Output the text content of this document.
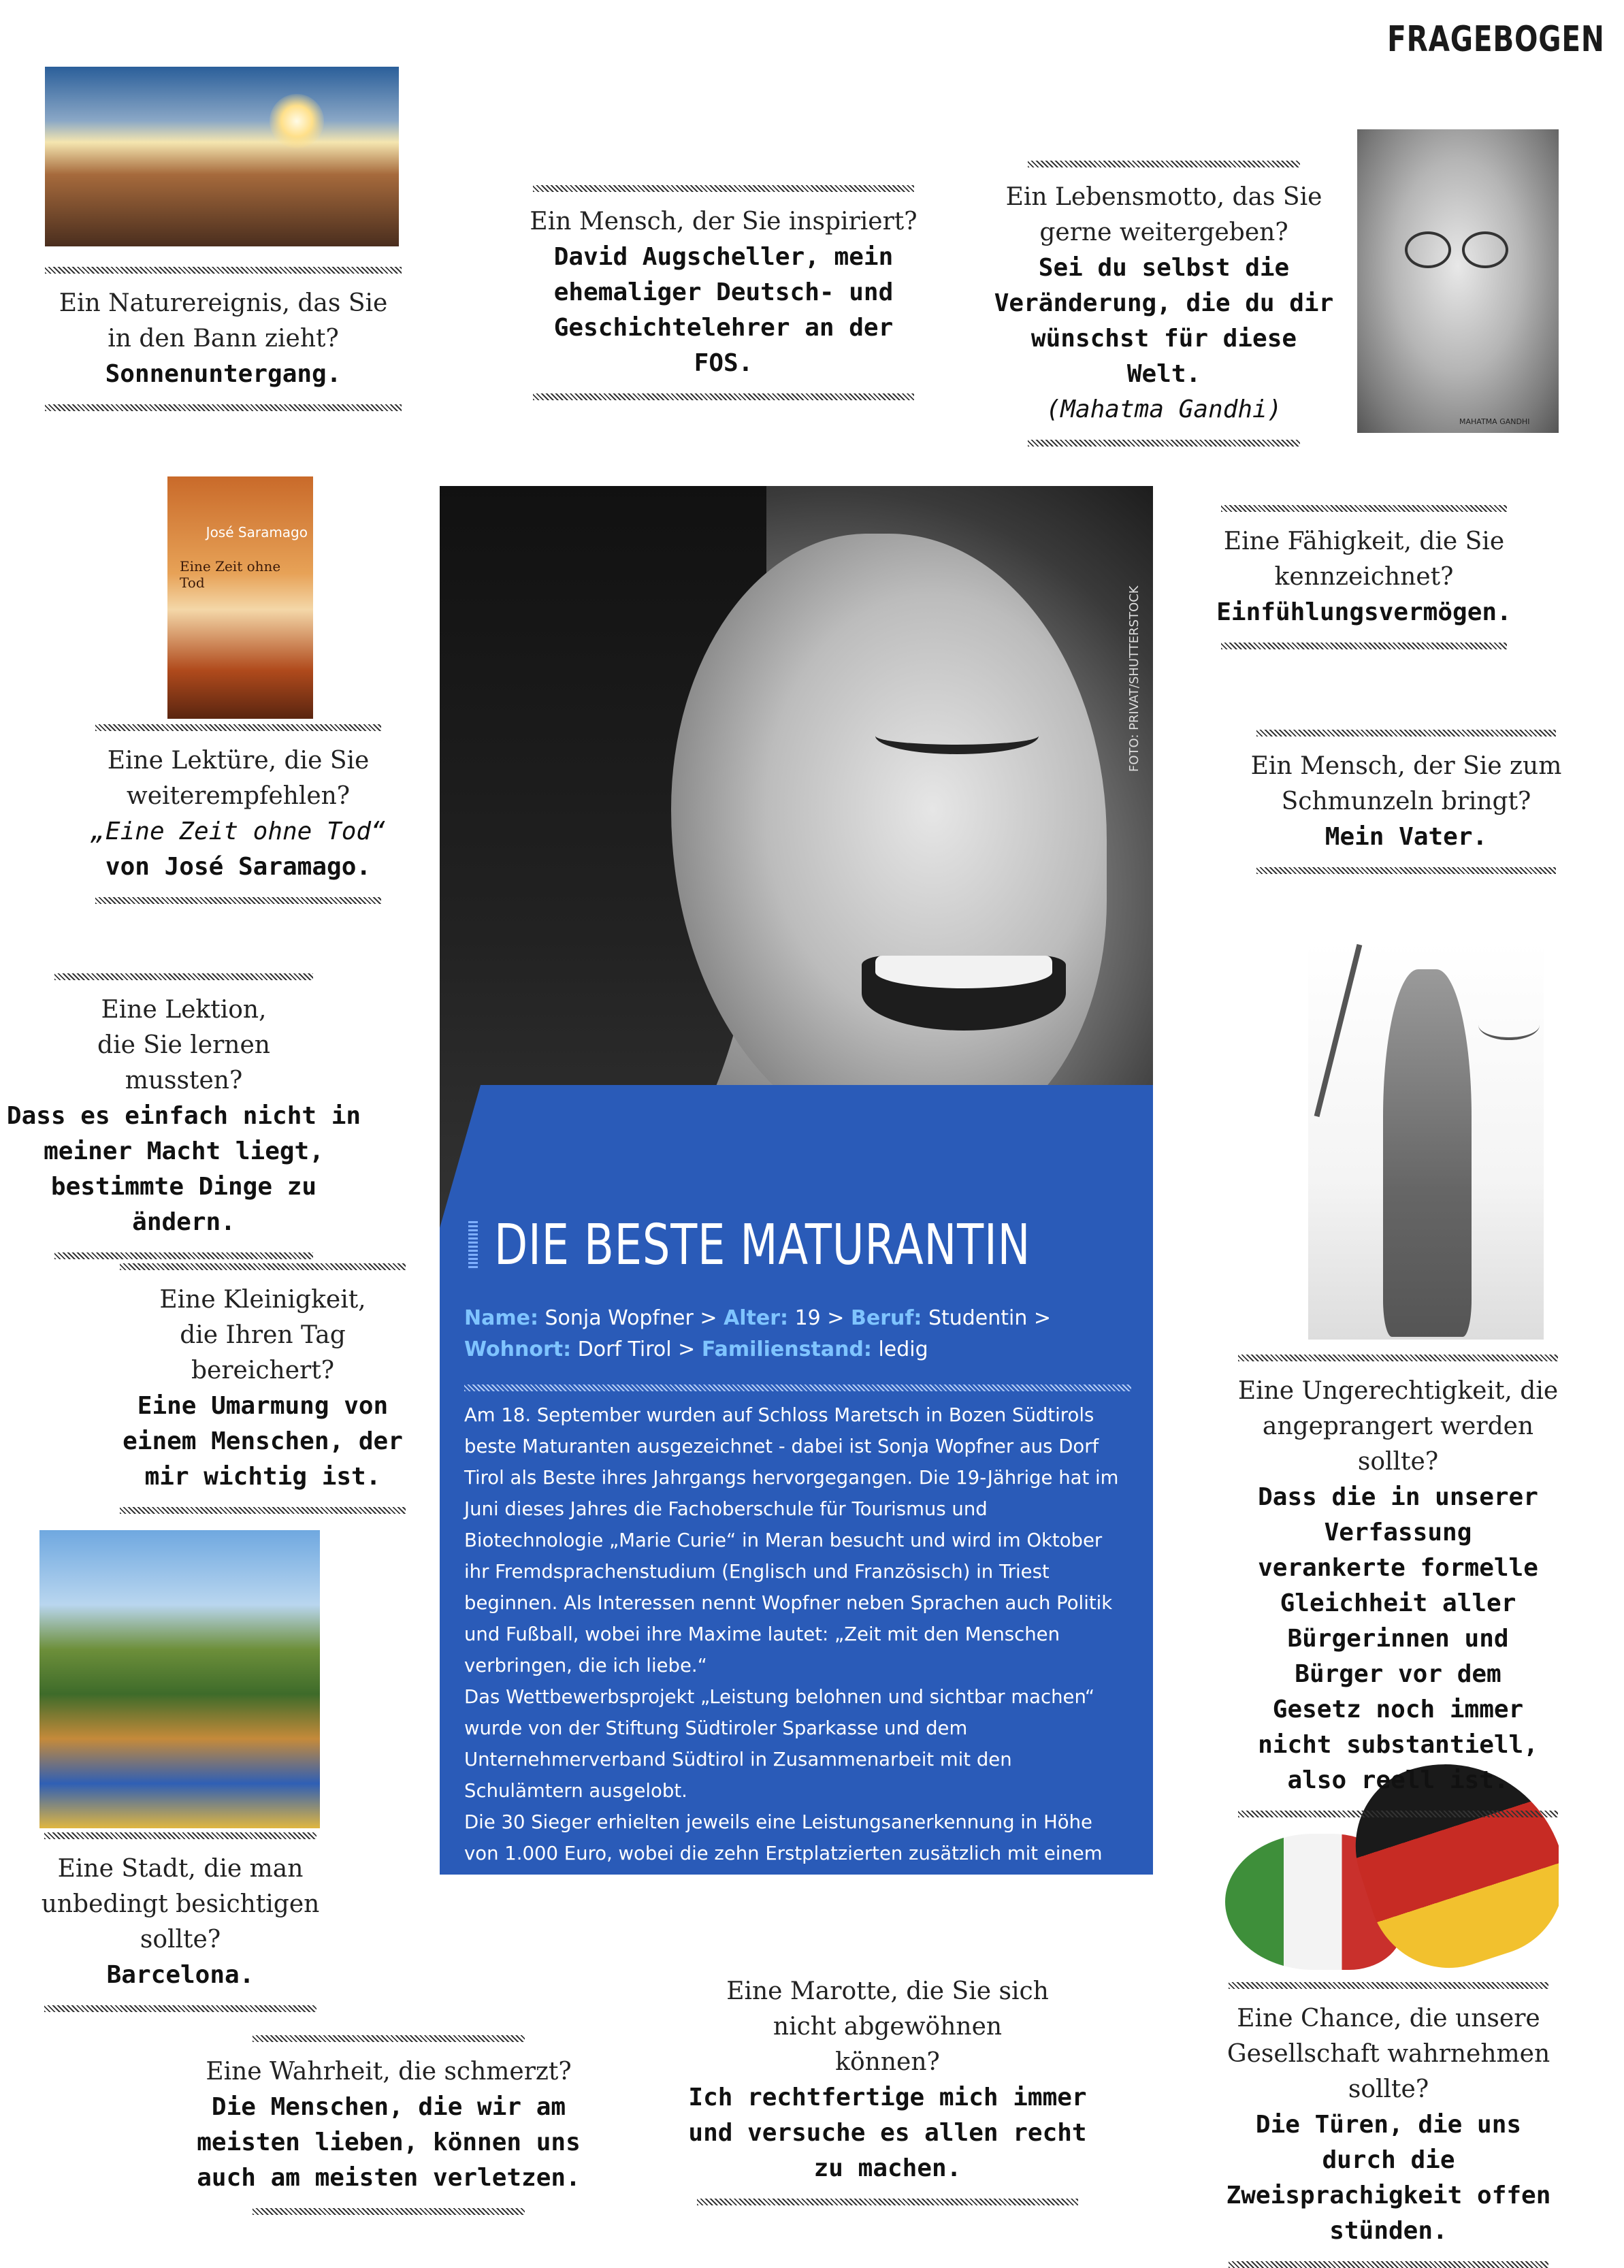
FRAGEBOGEN
José Saramago
Eine Zeit ohne Tod
MAHATMA GANDHI
Ein Naturereignis, das Sie in den Bann zieht?
Sonnenuntergang.
Ein Mensch, der Sie inspiriert?
David Augscheller, mein ehemaliger Deutsch- und Geschichtelehrer an der FOS.
Ein Lebensmotto, das Sie gerne weitergeben?
Sei du selbst die Veränderung, die du dir wünschst für diese Welt.
(Mahatma Gandhi)
Eine Fähigkeit, die Sie kennzeichnet?
Einfühlungsvermögen.
Eine Lektüre, die Sie weiterempfehlen?
„Eine Zeit ohne Tod“
von José Saramago.
Ein Mensch, der Sie zum Schmunzeln bringt?
Mein Vater.
Eine Lektion, die Sie lernen mussten?
Dass es einfach nicht in meiner Macht liegt, bestimmte Dinge zu ändern.
Eine Kleinigkeit, die Ihren Tag bereichert?
Eine Umarmung von einem Menschen, der mir wichtig ist.
Eine Ungerechtigkeit, die angeprangert werden sollte?
Dass die in unserer Verfassung verankerte formelle Gleichheit aller Bürgerinnen und Bürger vor dem Gesetz noch immer nicht substantiell, also reell ist.
Eine Stadt, die man unbedingt besichtigen sollte?
Barcelona.
Eine Wahrheit, die schmerzt?
Die Menschen, die wir am meisten lieben, können uns auch am meisten verletzen.
Eine Marotte, die Sie sich nicht abgewöhnen können?
Ich rechtfertige mich immer und versuche es allen recht zu machen.
Eine Chance, die unsere Gesellschaft wahrnehmen sollte?
Die Türen, die uns durch die Zweisprachigkeit offen stünden.
FOTO: PRIVAT/SHUTTERSTOCK
DIE BESTE MATURANTIN
Name: Sonja Wopfner > Alter: 19 > Beruf: Studentin > Wohnort: Dorf Tirol > Familienstand: ledig

Am 18. September wurden auf Schloss Maretsch in Bozen Südtirols beste Maturanten ausgezeichnet - dabei ist Sonja Wopfner aus Dorf Tirol als Beste ihres Jahrgangs hervorgegangen. Die 19-Jährige hat im Juni dieses Jahres die Fachoberschule für Tourismus und Biotechnologie „Marie Curie“ in Meran besucht und wird im Oktober ihr Fremdsprachenstudium (Englisch und Französisch) in Triest beginnen. Als Interessen nennt Wopfner neben Sprachen auch Politik und Fußball, wobei ihre Maxime lautet: „Zeit mit den Menschen verbringen, die ich liebe.“

Das Wettbewerbsprojekt „Leistung belohnen und sichtbar machen“ wurde von der Stiftung Südtiroler Sparkasse und dem Unternehmerverband Südtirol in Zusammenarbeit mit den Schulämtern ausgelobt.

Die 30 Sieger erhielten jeweils eine Leistungsanerkennung in Höhe von 1.000 Euro, wobei die zehn Erstplatzierten zusätzlich mit einem Verrechnungsgutschein für weitere 3.000 Euro prämiert wurden.
